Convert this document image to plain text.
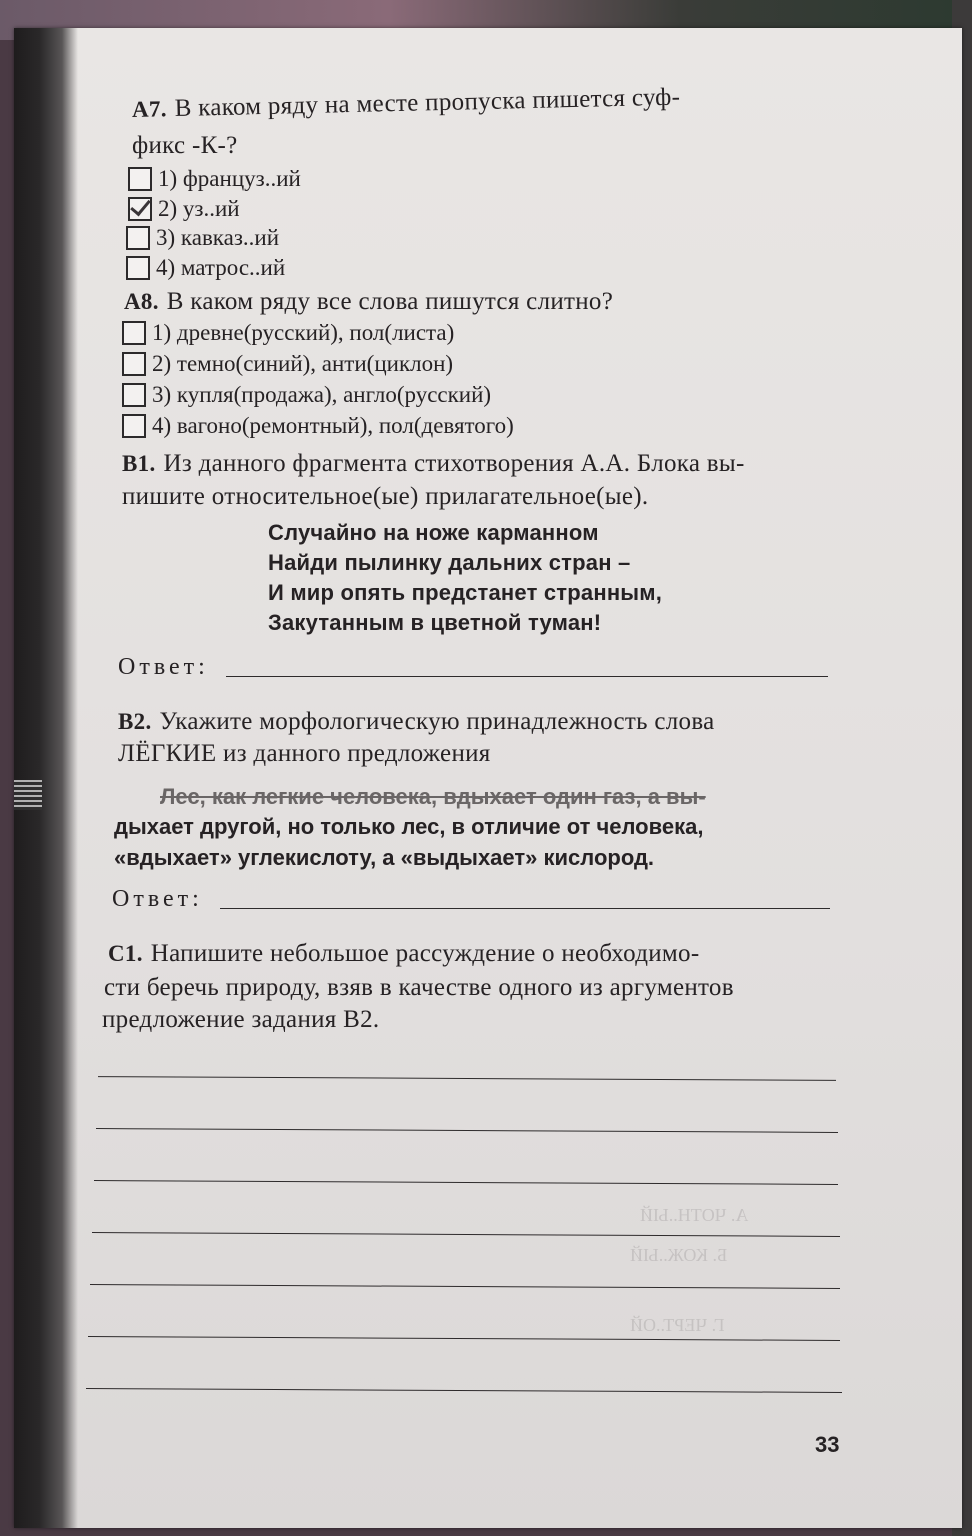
А. ЧОТН..ЫЙ
Б. КОЖ..ЫЙ
Г. ЧЕРТ..ОЙ
А7. В каком ряду на месте пропуска пишется суф-
фикс -К-?
1) француз..ий
2) уз..ий
3) кавказ..ий
4) матрос..ий
А8. В каком ряду все слова пишутся слитно?
1) древне(русский), пол(листа)
2) темно(синий), анти(циклон)
3) купля(продажа), англо(русский)
4) вагоно(ремонтный), пол(девятого)
В1. Из данного фрагмента стихотворения А.А. Блока вы-
пишите относительное(ые) прилагательное(ые).
Случайно на ноже карманном
Найди пылинку дальних стран –
И мир опять предстанет странным,
Закутанным в цветной туман!
Ответ:
В2. Укажите морфологическую принадлежность слова
ЛЁГКИЕ из данного предложения
Лес, как легкие человека, вдыхает один газ, а вы-
дыхает другой, но только лес, в отличие от человека,
«вдыхает» углекислоту, а «выдыхает» кислород.
Ответ:
С1. Напишите небольшое рассуждение о необходимо-
сти беречь природу, взяв в качестве одного из аргументов
предложение задания В2.
33
